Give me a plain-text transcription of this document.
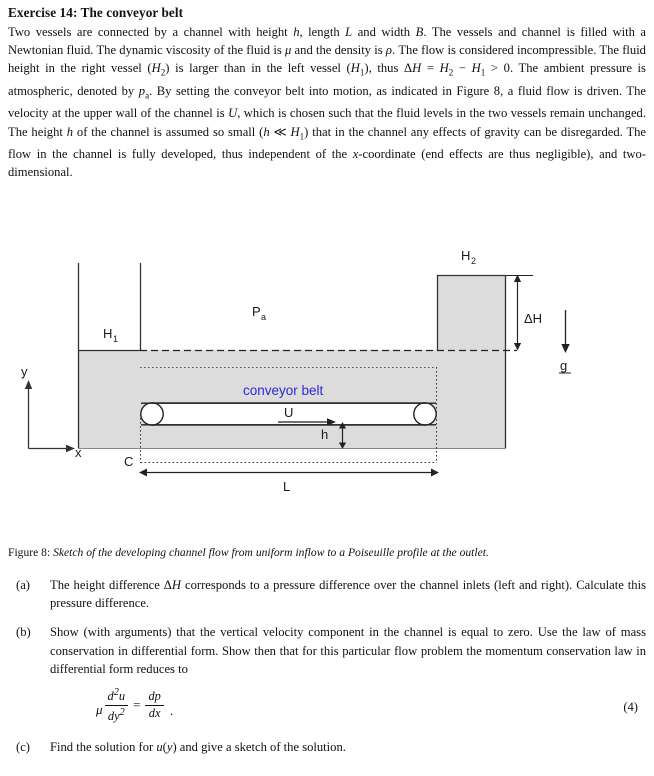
Exercise 14: The conveyor belt
Two vessels are connected by a channel with height h, length L and width B. The vessels and channel is filled with a Newtonian fluid. The dynamic viscosity of the fluid is μ and the density is ρ. The flow is considered incompressible. The fluid height in the right vessel $(H_2)$ is larger than in the left vessel $(H_1)$, thus $\Delta H = H_2 - H_1 > 0$. The ambient pressure is atmospheric, denoted by $p_a$. By setting the conveyor belt into motion, as indicated in Figure 8, a fluid flow is driven. The velocity at the upper wall of the channel is U, which is chosen such that the fluid levels in the two vessels remain unchanged. The height h of the channel is assumed so small (h ≪ $H_1$) that in the channel any effects of gravity can be disregarded. The flow in the channel is fully developed, thus independent of the x-coordinate (end effects are thus negligible), and two-dimensional.
conveyor belt
U
h
H 1
H 2
P a	ΔH
g
y
x
C
L
Figure 8: Sketch of the developing channel flow from uniform inflow to a Poiseuille profile at the outlet.
(a)	The height difference ΔH corresponds to a pressure difference over the channel inlets (left and right). Calculate this pressure difference.
(b)	Show (with arguments) that the vertical velocity component in the channel is equal to zero. Use the law of mass conservation in differential form. Show then that for this particular flow problem the momentum conservation law in differential form reduces to
μ $\frac{d^2u}{dy^2} = \frac{dp}{dx}$ .	(4)
(c)	Find the solution for u(y) and give a sketch of the solution.
